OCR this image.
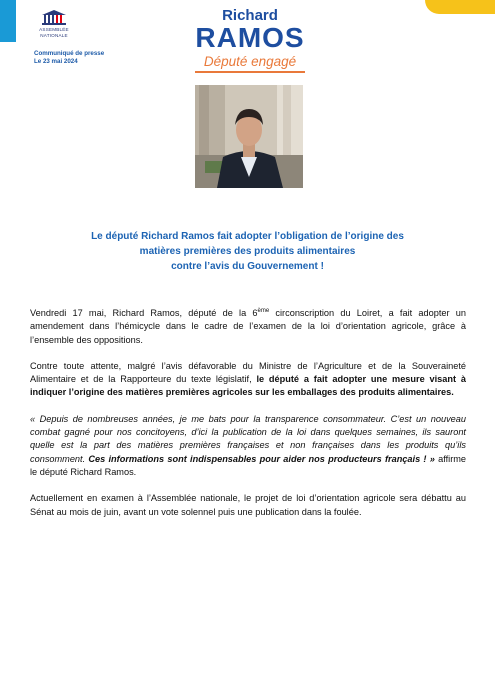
ASSEMBLÉE
NATIONALE
Communiqué de presse
Le 23 mai 2024
Richard
RAMOS
Député engagé
Le député Richard Ramos fait adopter l’obligation de l’origine des
matières premières des produits alimentaires
contre l’avis du Gouvernement !

Vendredi 17 mai, Richard Ramos, député de la 6ème circonscription du Loiret, a fait adopter un amendement dans l’hémicycle dans le cadre de l’examen de la loi d’orientation agricole, grâce à l’ensemble des oppositions.

Contre toute attente, malgré l’avis défavorable du Ministre de l’Agriculture et de la Souveraineté Alimentaire et de la Rapporteure du texte législatif, le député a fait adopter une mesure visant à indiquer l’origine des matières premières agricoles sur les emballages des produits alimentaires.

« Depuis de nombreuses années, je me bats pour la transparence consommateur. C’est un nouveau combat gagné pour nos concitoyens, d’ici la publication de la loi dans quelques semaines, ils sauront quelle est la part des matières premières françaises et non françaises dans les produits qu’ils consomment. Ces informations sont indispensables pour aider nos producteurs français ! » affirme le député Richard Ramos.

Actuellement en examen à l’Assemblée nationale, le projet de loi d’orientation agricole sera débattu au Sénat au mois de juin, avant un vote solennel puis une publication dans la foulée.
